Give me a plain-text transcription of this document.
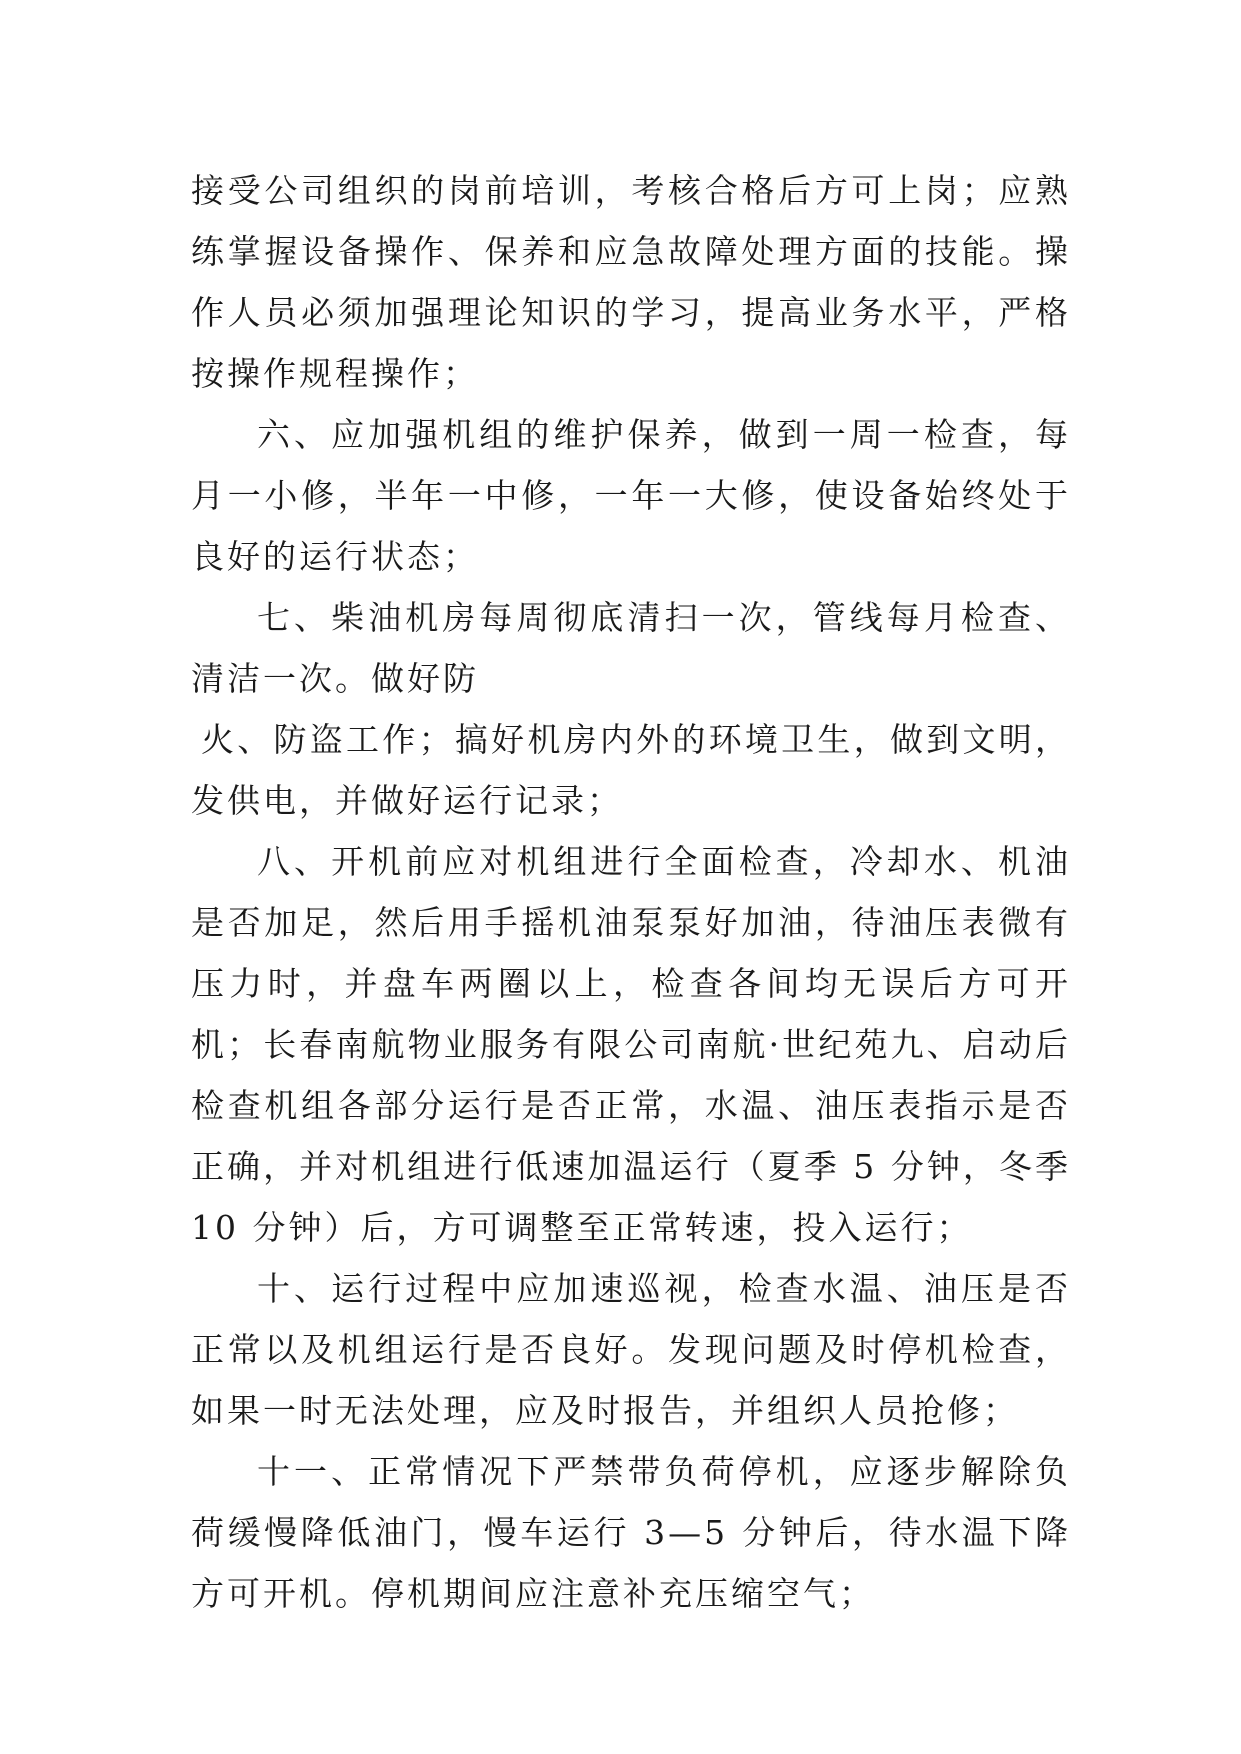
接受公司组织的岗前培训，考核合格后方可上岗；应熟练掌握设备操作、保养和应急故障处理方面的技能。操作人员必须加强理论知识的学习，提高业务水平，严格按操作规程操作；

六、应加强机组的维护保养，做到一周一检查，每月一小修，半年一中修，一年一大修，使设备始终处于良好的运行状态；

七、柴油机房每周彻底清扫一次，管线每月检查、清洁一次。做好防

火、防盗工作；搞好机房内外的环境卫生，做到文明，发供电，并做好运行记录；

八、开机前应对机组进行全面检查，冷却水、机油是否加足，然后用手摇机油泵泵好加油，待油压表微有压力时，并盘车两圈以上，检查各间均无误后方可开机；长春南航物业服务有限公司南航·世纪苑九、启动后检查机组各部分运行是否正常，水温、油压表指示是否正确，并对机组进行低速加温运行（夏季 5 分钟，冬季 10 分钟）后，方可调整至正常转速，投入运行；

十、运行过程中应加速巡视，检查水温、油压是否正常以及机组运行是否良好。发现问题及时停机检查，如果一时无法处理，应及时报告，并组织人员抢修；

十一、正常情况下严禁带负荷停机，应逐步解除负荷缓慢降低油门，慢车运行 3—5 分钟后，待水温下降方可开机。停机期间应注意补充压缩空气；
